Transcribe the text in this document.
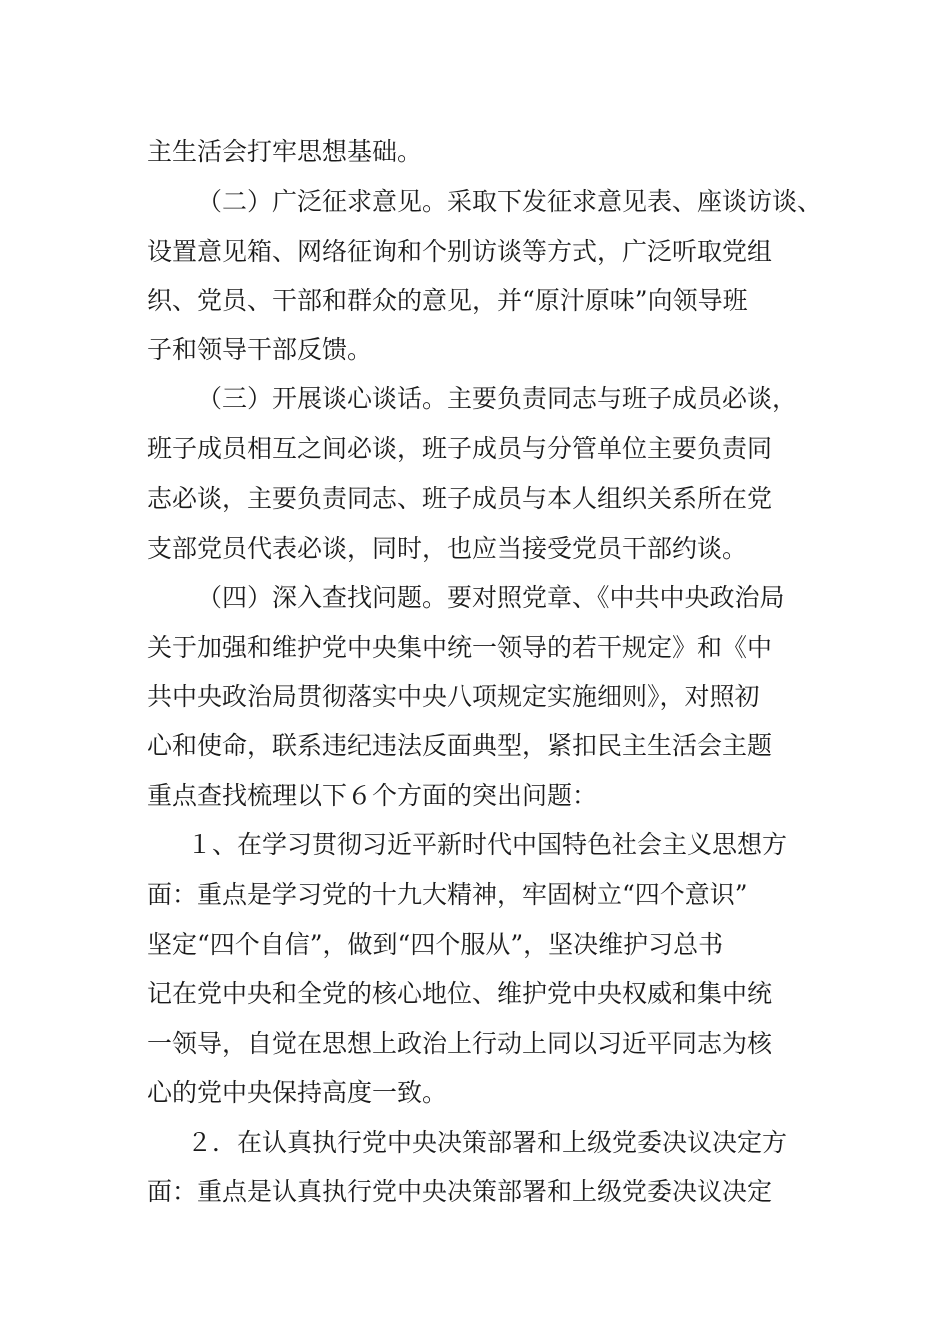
主生活会打牢思想基础。
（二）广泛征求意见。采取下发征求意见表、座谈访谈、
设置意见箱、网络征询和个别访谈等方式，广泛听取党组
织、党员、干部和群众的意见，并“原汁原味”向领导班
子和领导干部反馈。
（三）开展谈心谈话。主要负责同志与班子成员必谈，
班子成员相互之间必谈，班子成员与分管单位主要负责同
志必谈，主要负责同志、班子成员与本人组织关系所在党
支部党员代表必谈，同时，也应当接受党员干部约谈。
（四）深入查找问题。要对照党章、《中共中央政治局
关于加强和维护党中央集中统一领导的若干规定》和《中
共中央政治局贯彻落实中央八项规定实施细则》，对照初
心和使命，联系违纪违法反面典型，紧扣民主生活会主题
重点查找梳理以下６个方面的突出问题：
１、在学习贯彻习近平新时代中国特色社会主义思想方
面：重点是学习党的十九大精神，牢固树立“四个意识”
坚定“四个自信”，做到“四个服从”，坚决维护习总书
记在党中央和全党的核心地位、维护党中央权威和集中统
一领导，自觉在思想上政治上行动上同以习近平同志为核
心的党中央保持高度一致。
２．在认真执行党中央决策部署和上级党委决议决定方
面：重点是认真执行党中央决策部署和上级党委决议决定
